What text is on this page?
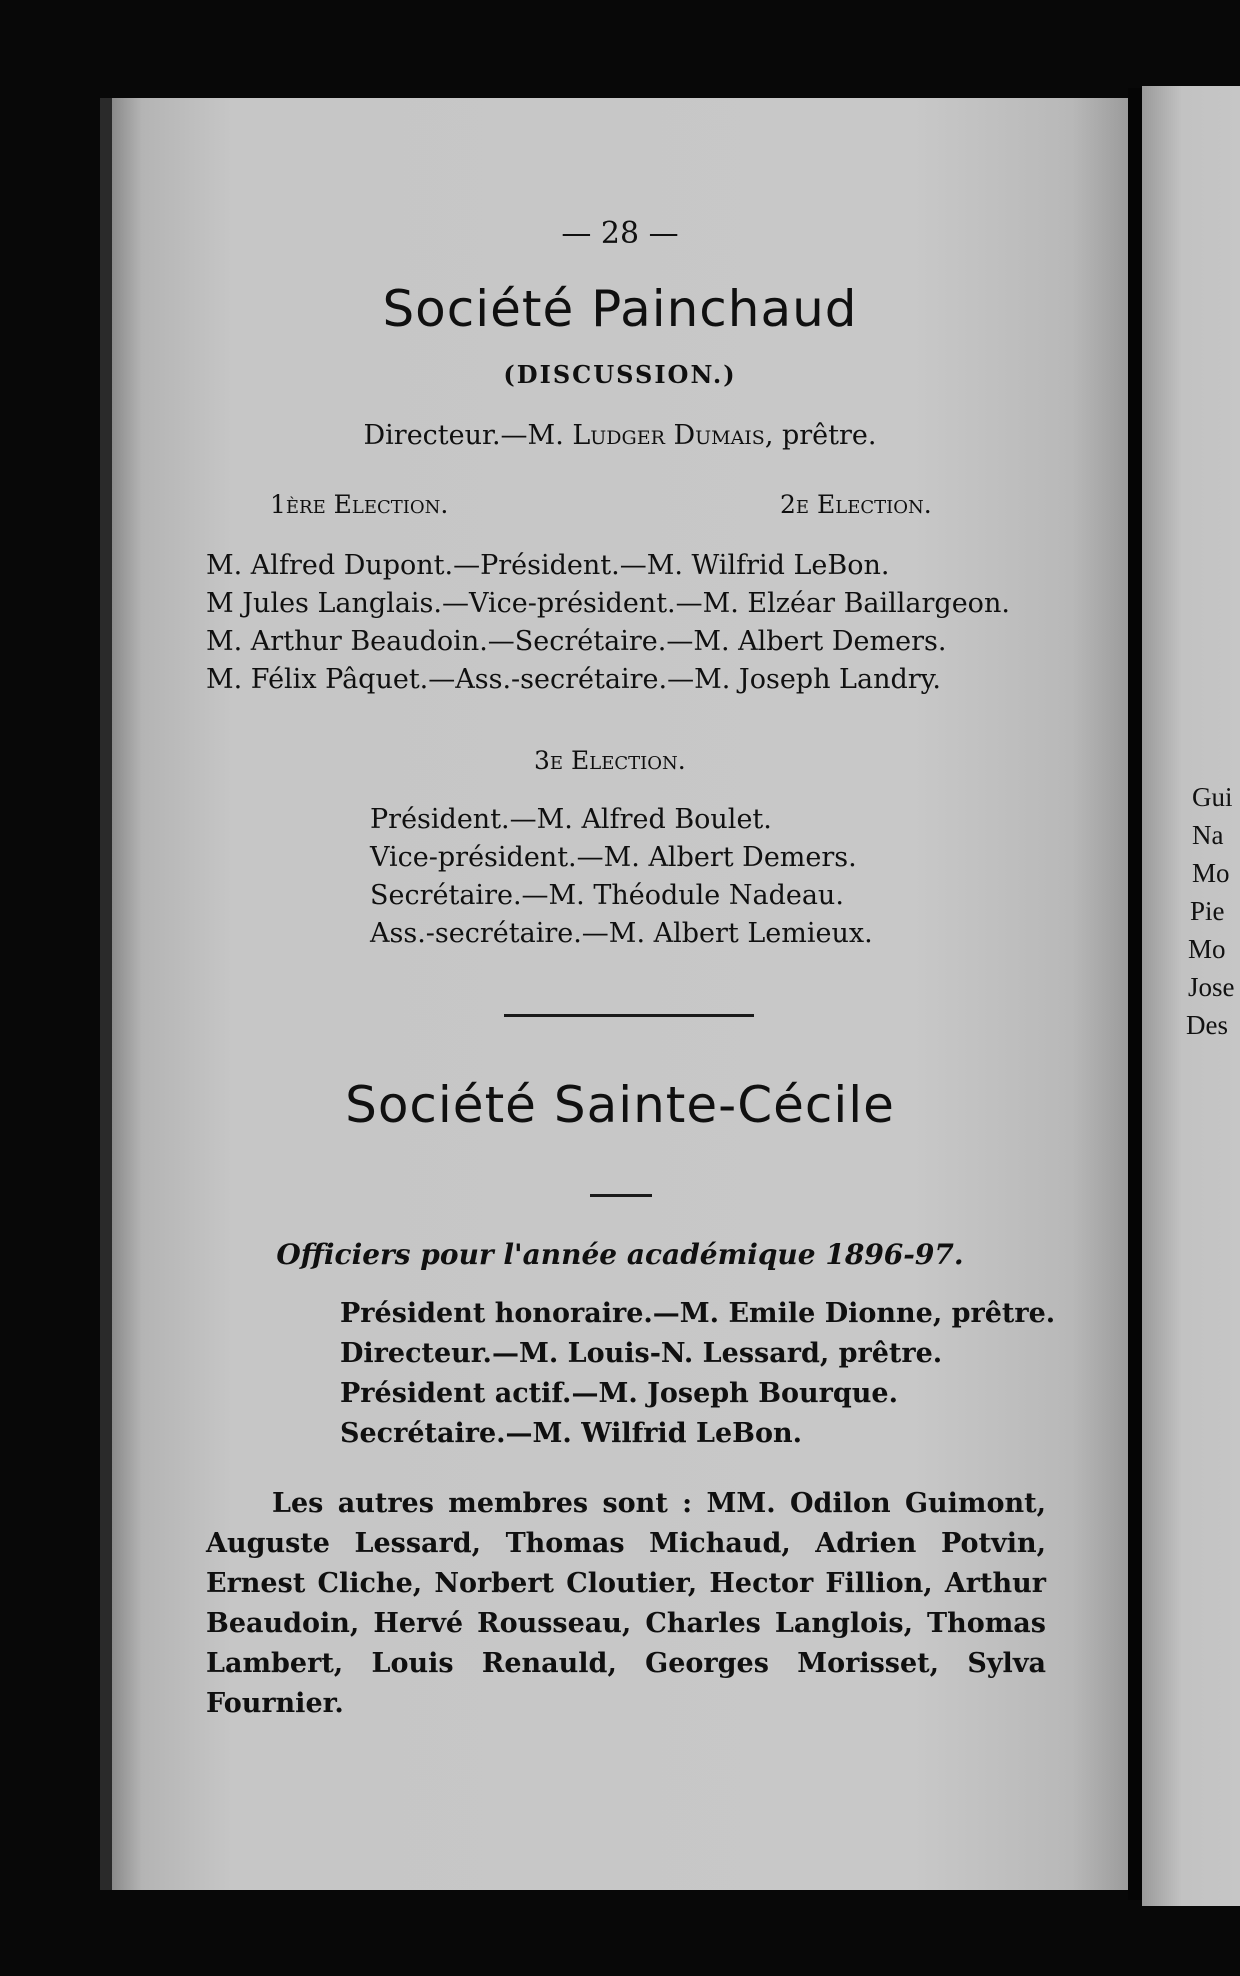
— 28 —
Société Painchaud
(DISCUSSION.)
Directeur.—M. Ludger Dumais, prêtre.
1ère Election.	2e Election.
M. Alfred Dupont.—Président.—M. Wilfrid LeBon.
M Jules Langlais.—Vice-président.—M. Elzéar Baillargeon.
M. Arthur Beaudoin.—Secrétaire.—M. Albert Demers.
M. Félix Pâquet.—Ass.-secrétaire.—M. Joseph Landry.
3e Election.
Président.—M. Alfred Boulet.
Vice-président.—M. Albert Demers.
Secrétaire.—M. Théodule Nadeau.
Ass.-secrétaire.—M. Albert Lemieux.
Société Sainte-Cécile
Officiers pour l'année académique 1896-97.
Président honoraire.—M. Emile Dionne, prêtre.
Directeur.—M. Louis-N. Lessard, prêtre.
Président actif.—M. Joseph Bourque.
Secrétaire.—M. Wilfrid LeBon.
Les autres membres sont : MM. Odilon Guimont, Auguste Lessard, Thomas Michaud, Adrien Potvin, Ernest Cliche, Norbert Cloutier, Hector Fillion, Arthur Beaudoin, Hervé Rousseau, Charles Langlois, Thomas Lambert, Louis Renauld, Georges Morisset, Sylva Fournier.
Gui
Na
Mo
Pie
Mo
Jose
Des
